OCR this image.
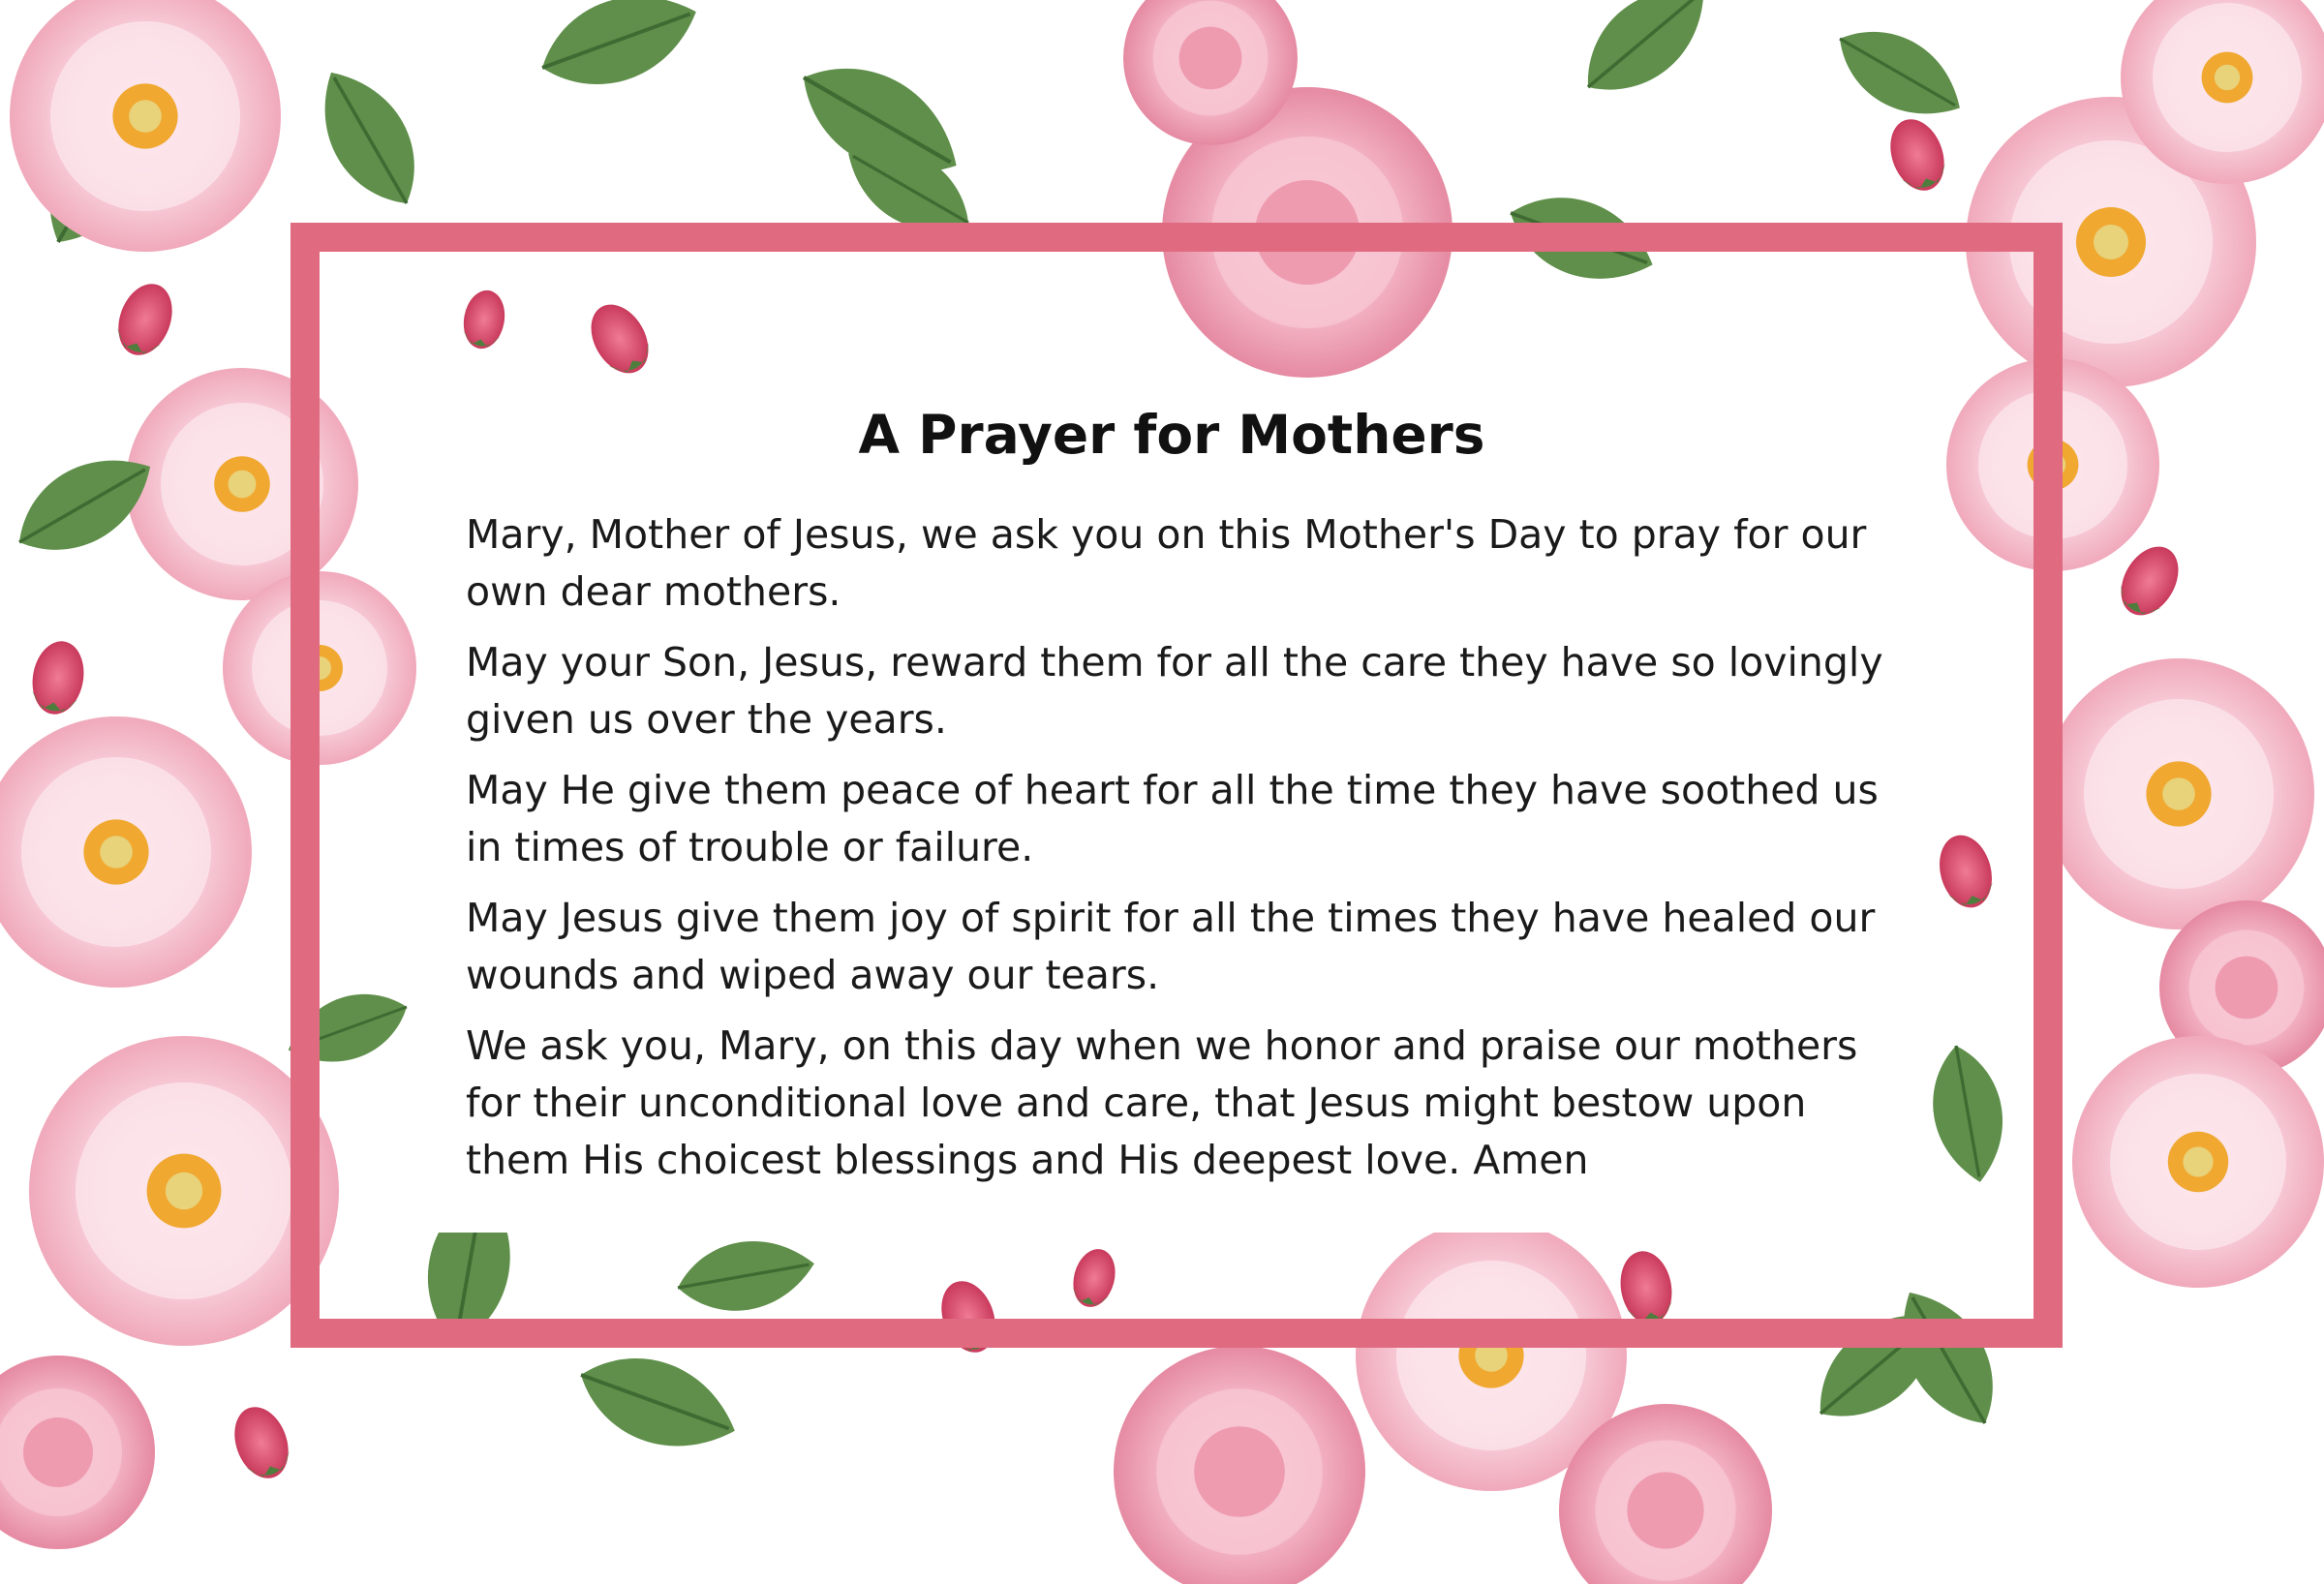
A Prayer for Mothers

Mary, Mother of Jesus, we ask you on this Mother's Day to pray for our own dear mothers.

May your Son, Jesus, reward them for all the care they have so lovingly given us over the years.

May He give them peace of heart for all the time they have soothed us in times of trouble or failure.

May Jesus give them joy of spirit for all the times they have healed our wounds and wiped away our tears.

We ask you, Mary, on this day when we honor and praise our mothers for their unconditional love and care, that Jesus might bestow upon them His choicest blessings and His deepest love. Amen
